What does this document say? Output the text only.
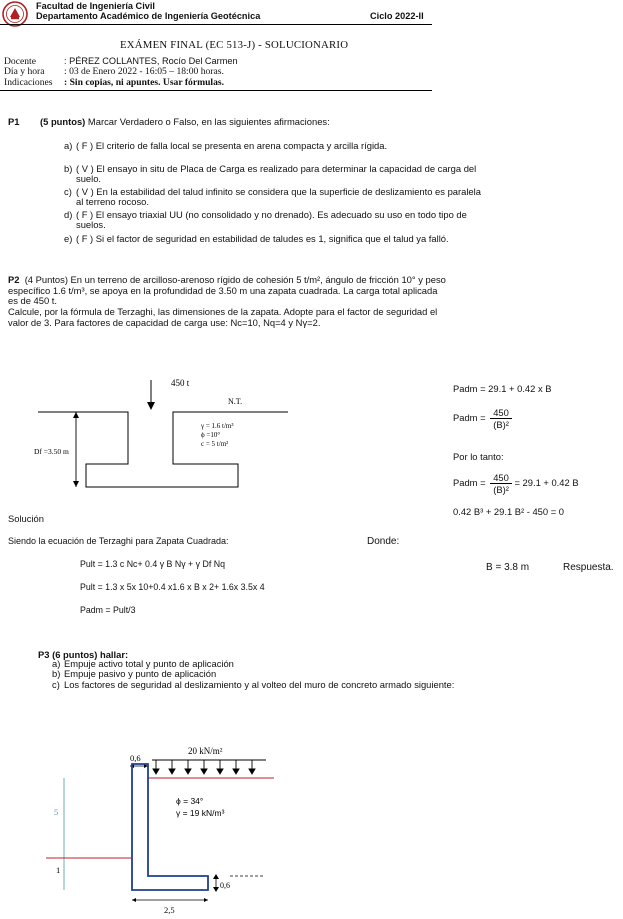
Facultad de Ingeniería Civil
Departamento Académico de Ingeniería Geotécnica	Ciclo 2022-II
EXÁMEN FINAL (EC 513-J) - SOLUCIONARIO
Docente	: PÉREZ COLLANTES, Rocío Del Carmen
Día y hora : 03 de Enero 2022 - 16:05 – 18:00 horas.
Indicaciones : Sin copias, ni apuntes. Usar fórmulas.
P1 (5 puntos) Marcar Verdadero o Falso, en las siguientes afirmaciones:
a) ( F ) El criterio de falla local se presenta en arena compacta y arcilla rígida.
b) ( V ) El ensayo in situ de Placa de Carga es realizado para determinar la capacidad de carga del suelo.
c) ( V ) En la estabilidad del talud infinito se considera que la superficie de deslizamiento es paralela al terreno rocoso.
d) ( F ) El ensayo triaxial UU (no consolidado y no drenado). Es adecuado su uso en todo tipo de suelos.
e) ( F ) Si el factor de seguridad en estabilidad de taludes es 1, significa que el talud ya falló.
P2 (4 Puntos) En un terreno de arcilloso-arenoso rígido de cohesión 5 t/m², ángulo de fricción 10° y peso específico 1.6 t/m³, se apoya en la profundidad de 3.50 m una zapata cuadrada. La carga total aplicada es de 450 t.
Calcule, por la fórmula de Terzaghi, las dimensiones de la zapata. Adopte para el factor de seguridad el valor de 3. Para factores de capacidad de carga use: Nc=10, Nq=4 y Nγ=2.
450 t
N.T.
Df =3.50 m
γ = 1.6 t/m³
ϕ =10°
c = 5 t/m²
Padm = 29.1 + 0.42 x B
Padm = $\frac{450}{\text{(B)²}}$
Por lo tanto:
Padm = $\frac{450}{\text{(B)²}} = 29.1 + 0.42$ B
0.42 B³ + 29.1 B² - 450 = 0
Solución
Siendo la ecuación de Terzaghi para Zapata Cuadrada:	Donde:
Pult = 1.3 c Nc+ 0.4 γ B Nγ + γ Df Nq
Pult = 1.3 x 5x 10+0.4 x1.6 x B x 2+ 1.6x 3.5x 4
Padm = Pult/3
B = 3.8 m	Respuesta.
P3 (6 puntos) hallar:
a) Empuje activo total y punto de aplicación
b) Empuje pasivo y punto de aplicación
c) Los factores de seguridad al deslizamiento y al volteo del muro de concreto armado siguiente:
0,6
20 kN/m²
ϕ = 34°
γ = 19 kN/m³
5
1
0,6
2,5
